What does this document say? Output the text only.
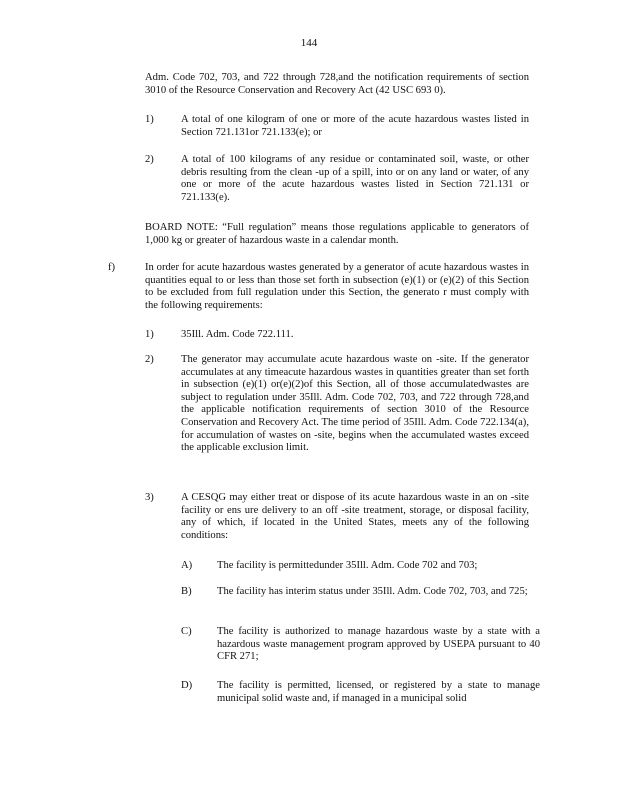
144
Adm. Code 702, 703, and 722 through 728,and the notification requirements of section 3010 of the Resource Conservation and Recovery Act (42 USC 693 0).
1)	A total of one kilogram of one or more of the acute hazardous wastes listed in Section 721.131or 721.133(e); or
2)	A total of 100 kilograms of any residue or contaminated soil, waste, or other debris resulting from the clean -up of a spill, into or on any land or water, of any one or more of the acute hazardous wastes listed in Section 721.131 or 721.133(e).
BOARD NOTE: “Full regulation” means those regulations applicable to generators of 1,000 kg or greater of hazardous waste in a calendar month.
f)	In order for acute hazardous wastes generated by a generator of acute hazardous wastes in quantities equal to or less than those set forth in subsection (e)(1) or (e)(2) of this Section to be excluded from full regulation under this Section, the generato r must comply with the following requirements:
1)	35Ill. Adm. Code 722.111.
2)	The generator may accumulate acute hazardous waste on -site. If the generator accumulates at any timeacute hazardous wastes in quantities greater than set forth in subsection (e)(1) or(e)(2)of this Section, all of those accumulatedwastes are subject to regulation under 35Ill. Adm. Code 702, 703, and 722 through 728,and the applicable notification requirements of section 3010 of the Resource Conservation and Recovery Act. The time period of 35Ill. Adm. Code 722.134(a), for accumulation of wastes on -site, begins when the accumulated wastes exceed the applicable exclusion limit.
3)	A CESQG may either treat or dispose of its acute hazardous waste in an on -site facility or ens ure delivery to an off -site treatment, storage, or disposal facility, any of which, if located in the United States, meets any of the following conditions:
A) The facility is permittedunder 35Ill. Adm. Code 702 and 703;
B) The facility has interim status under 35Ill. Adm. Code 702, 703, and 725;
C) The facility is authorized to manage hazardous waste by a state with a hazardous waste management program approved by USEPA pursuant to 40 CFR 271;
D) The facility is permitted, licensed, or registered by a state to manage municipal solid waste and, if managed in a municipal solid
